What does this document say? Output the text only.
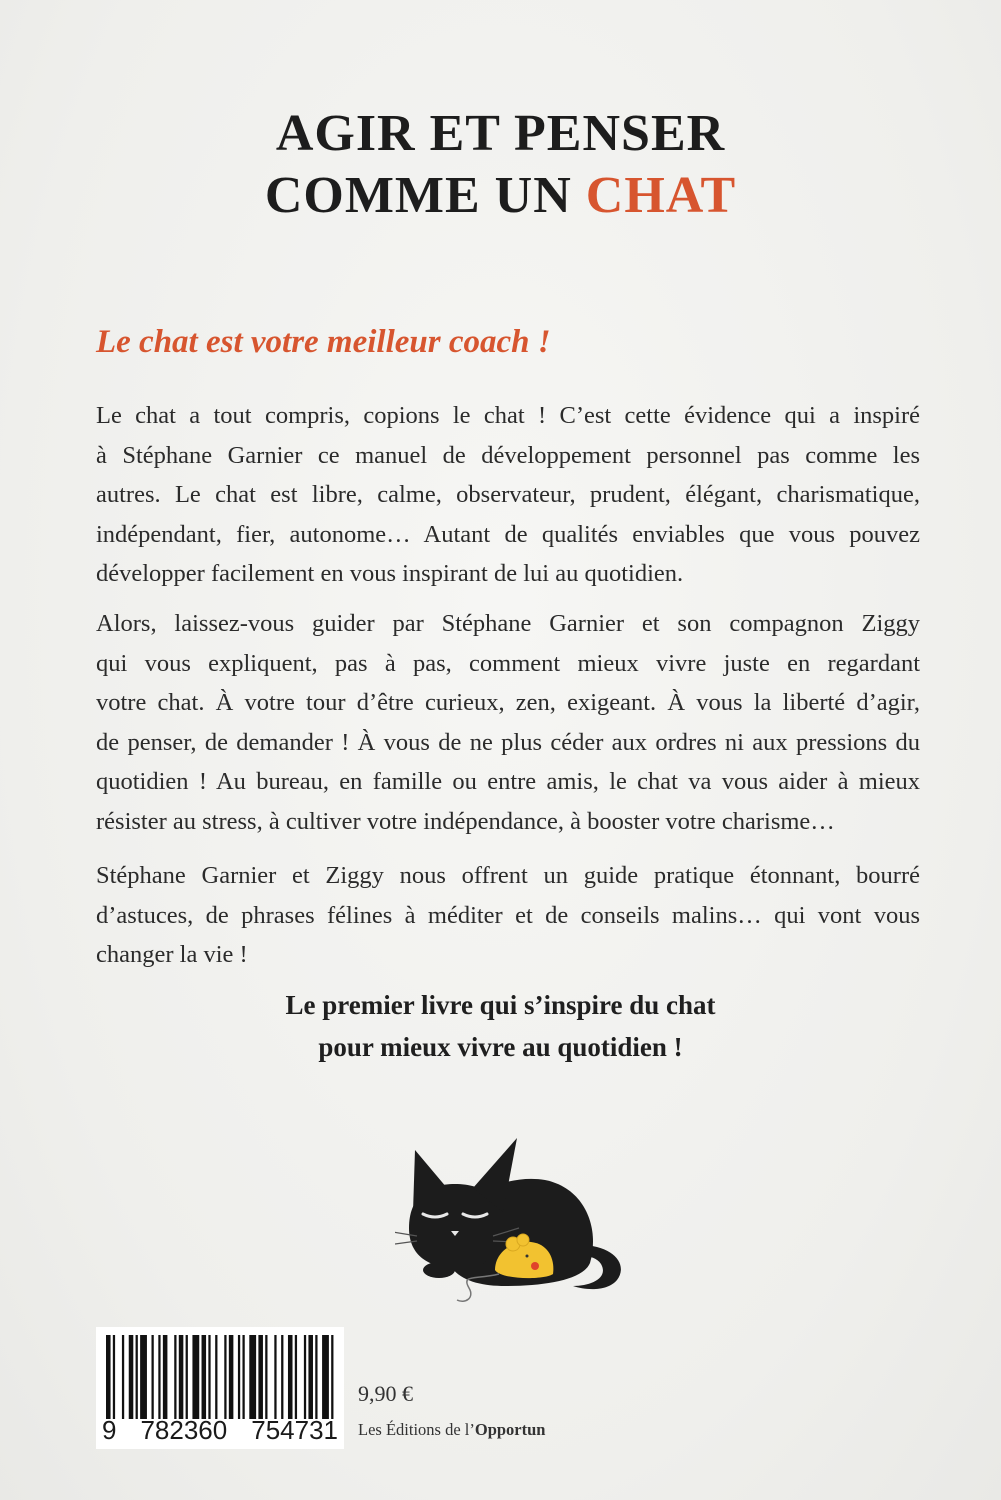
AGIR ET PENSER
COMME UN CHAT
Le chat est votre meilleur coach !
Le chat a tout compris, copions le chat ! C’est cette évidence qui a inspiré
à Stéphane Garnier ce manuel de développement personnel pas comme les
autres. Le chat est libre, calme, observateur, prudent, élégant, charismatique,
indépendant, fier, autonome… Autant de qualités enviables que vous pouvez
développer facilement en vous inspirant de lui au quotidien.
Alors, laissez-vous guider par Stéphane Garnier et son compagnon Ziggy
qui vous expliquent, pas à pas, comment mieux vivre juste en regardant
votre chat. À votre tour d’être curieux, zen, exigeant. À vous la liberté d’agir,
de penser, de demander ! À vous de ne plus céder aux ordres ni aux pressions du
quotidien ! Au bureau, en famille ou entre amis, le chat va vous aider à mieux
résister au stress, à cultiver votre indépendance, à booster votre charisme…
Stéphane Garnier et Ziggy nous offrent un guide pratique étonnant, bourré
d’astuces, de phrases félines à méditer et de conseils malins… qui vont vous
changer la vie !
Le premier livre qui s’inspire du chat
pour mieux vivre au quotidien !
9 782360 754731
9,90 €
Les Éditions de l’Opportun
